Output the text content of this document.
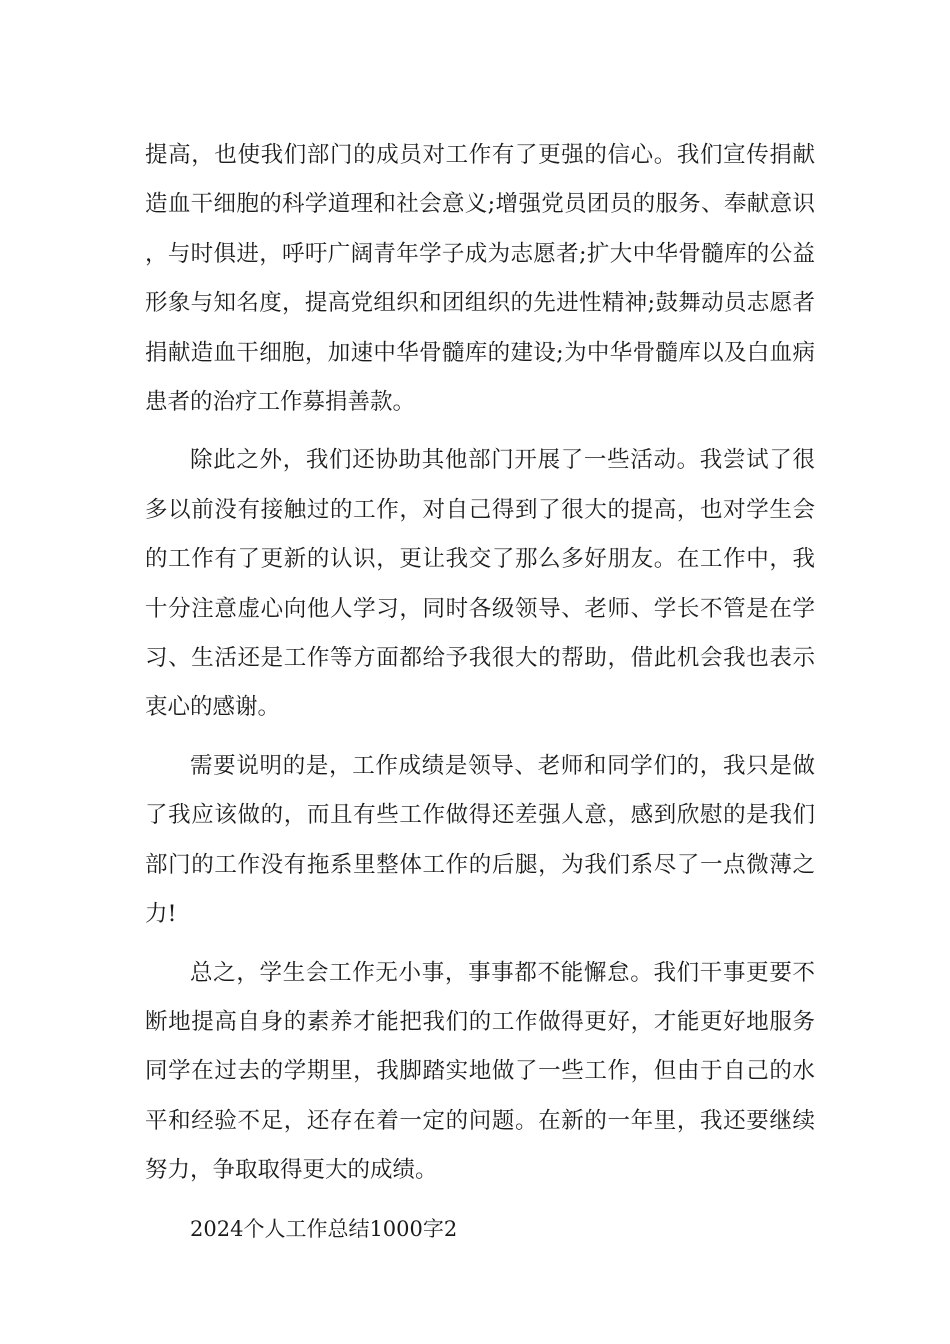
提高，也使我们部门的成员对工作有了更强的信心。我们宣传捐献造血干细胞的科学道理和社会意义;增强党员团员的服务、奉献意识，与时俱进，呼吁广阔青年学子成为志愿者;扩大中华骨髓库的公益形象与知名度，提高党组织和团组织的先进性精神;鼓舞动员志愿者捐献造血干细胞，加速中华骨髓库的建设;为中华骨髓库以及白血病患者的治疗工作募捐善款。

除此之外，我们还协助其他部门开展了一些活动。我尝试了很多以前没有接触过的工作，对自己得到了很大的提高，也对学生会的工作有了更新的认识，更让我交了那么多好朋友。在工作中，我十分注意虚心向他人学习，同时各级领导、老师、学长不管是在学习、生活还是工作等方面都给予我很大的帮助，借此机会我也表示衷心的感谢。

需要说明的是，工作成绩是领导、老师和同学们的，我只是做了我应该做的，而且有些工作做得还差强人意，感到欣慰的是我们部门的工作没有拖系里整体工作的后腿，为我们系尽了一点微薄之力!

总之，学生会工作无小事，事事都不能懈怠。我们干事更要不断地提高自身的素养才能把我们的工作做得更好，才能更好地服务同学在过去的学期里，我脚踏实地做了一些工作，但由于自己的水平和经验不足，还存在着一定的问题。在新的一年里，我还要继续努力，争取取得更大的成绩。

2024个人工作总结1000字2
